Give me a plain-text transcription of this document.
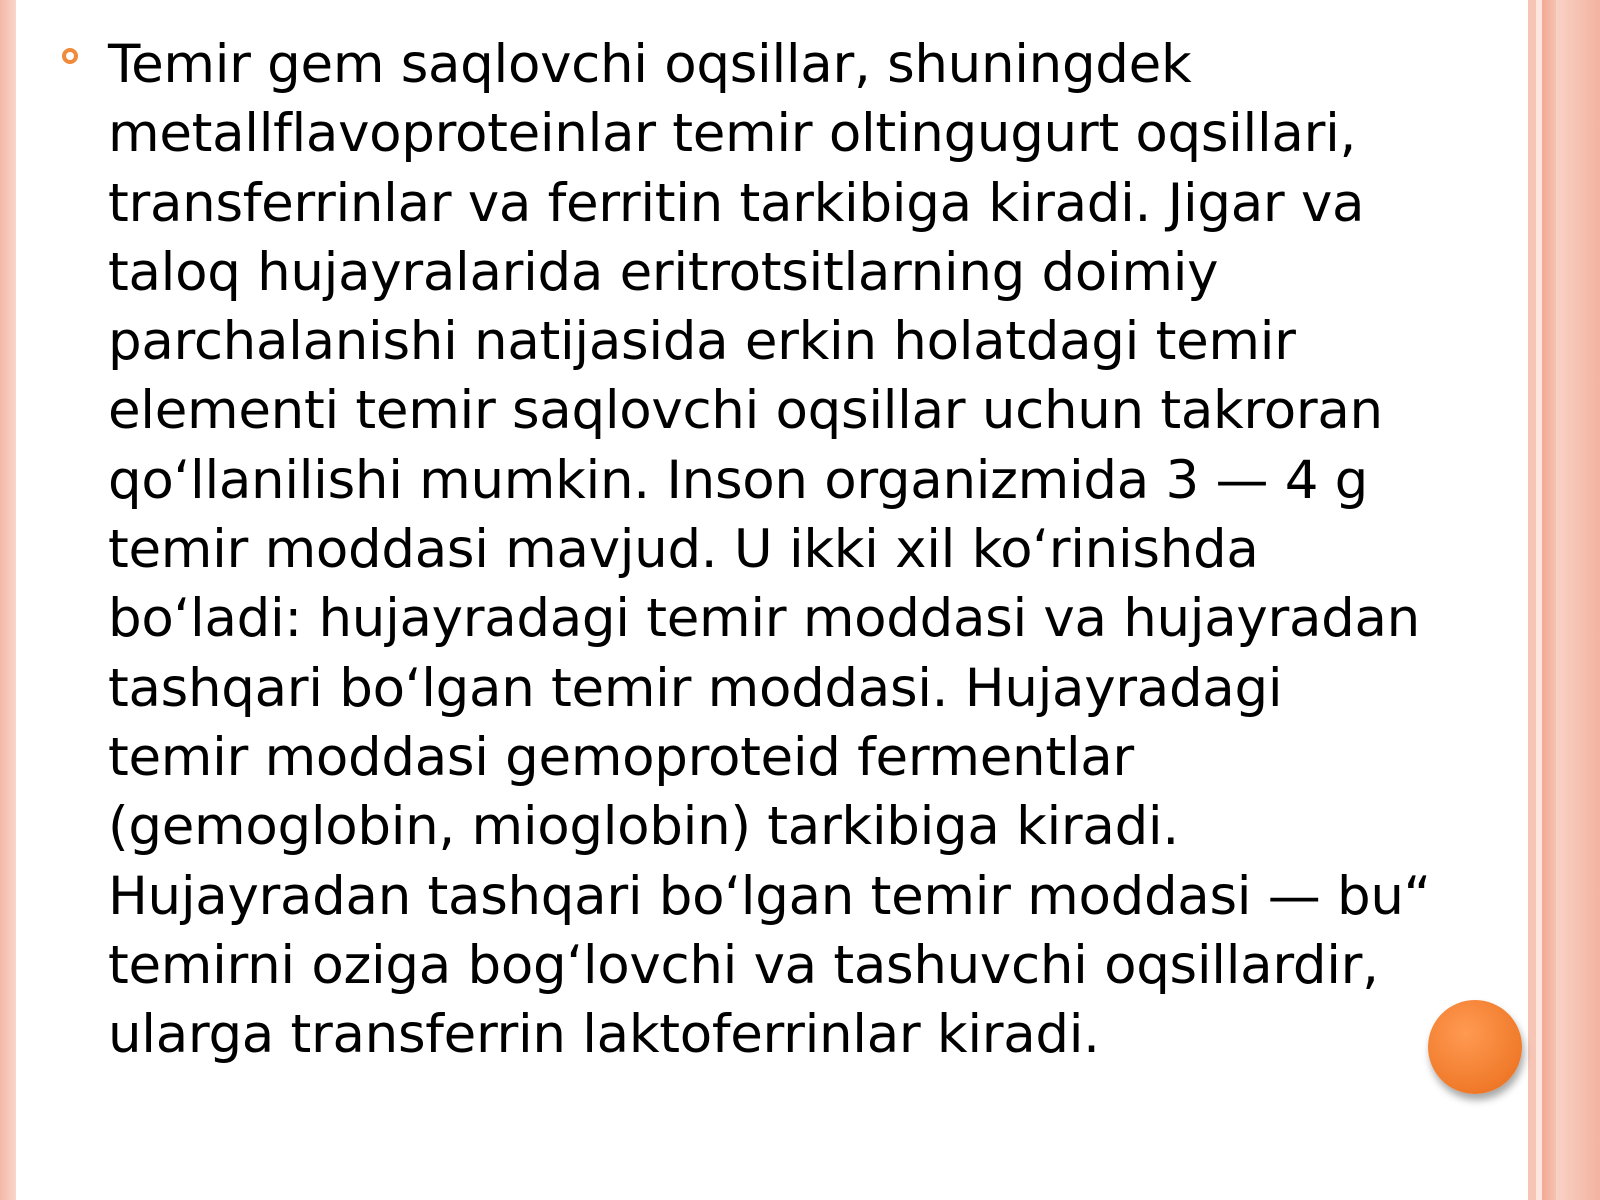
Temir gem saqlovchi oqsillar, shuningdek
metallflavoproteinlar temir oltingugurt oqsillari,
transferrinlar va ferritin tarkibiga kiradi. Jigar va
taloq hujayralarida eritrotsitlarning doimiy
parchalanishi natijasida erkin holatdagi temir
elementi temir saqlovchi oqsillar uchun takroran
qo‘llanilishi mumkin. Inson organizmida 3 — 4 g
temir moddasi mavjud. U ikki xil ko‘rinishda
bo‘ladi: hujayradagi temir moddasi va hujayradan
tashqari bo‘lgan temir moddasi. Hujayradagi
temir moddasi gemoproteid fermentlar
(gemoglobin, mioglobin) tarkibiga kiradi.
Hujayradan tashqari bo‘lgan temir moddasi — bu“
temirni oziga bog‘lovchi va tashuvchi oqsillardir,
ularga transferrin laktoferrinlar kiradi.
